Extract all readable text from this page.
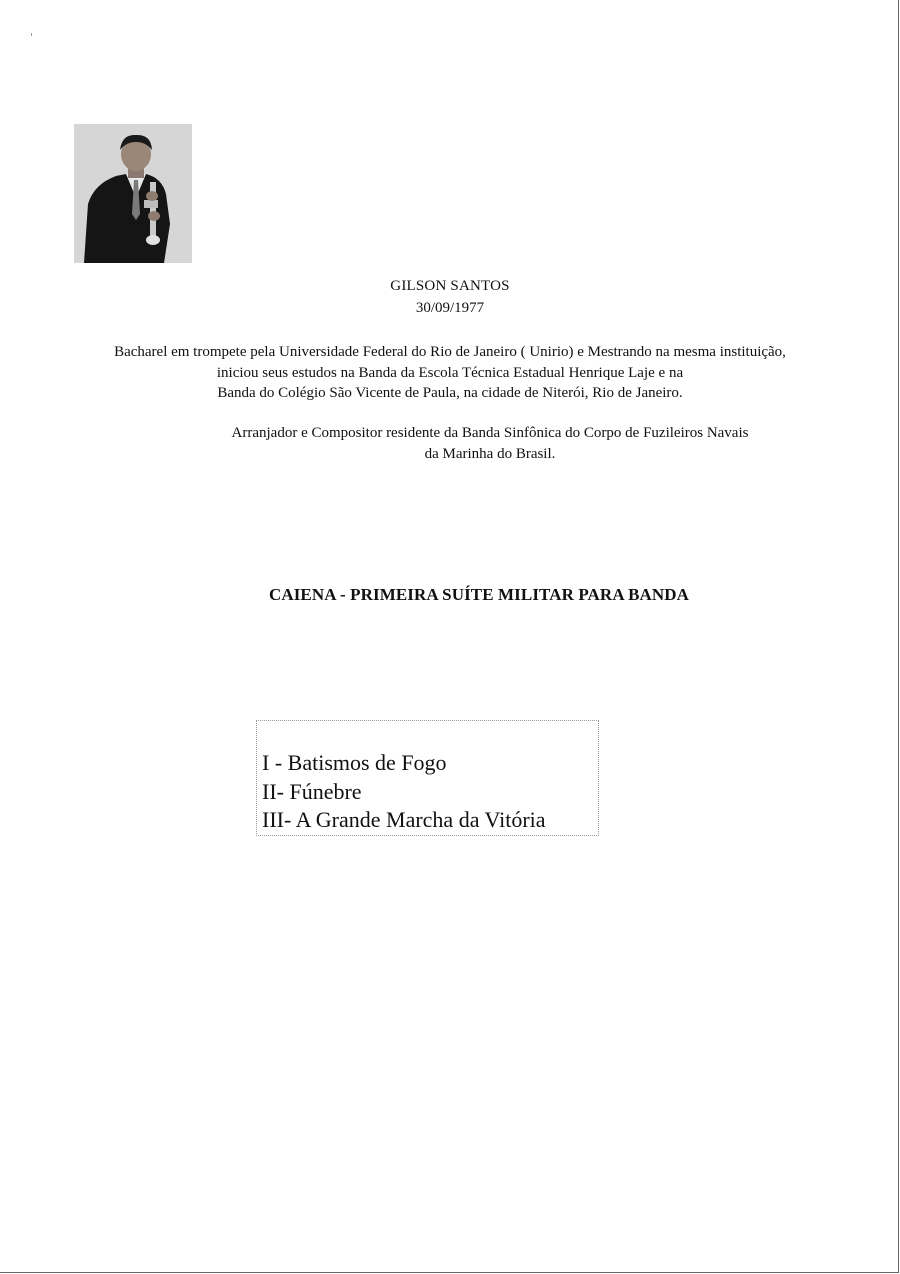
GILSON SANTOS
30/09/1977
Bacharel em trompete pela Universidade Federal do Rio de Janeiro ( Unirio) e Mestrando na mesma instituição,
iniciou seus estudos na Banda da Escola Técnica Estadual Henrique Laje e na
Banda do Colégio São Vicente de Paula, na cidade de Niterói, Rio de Janeiro.
Arranjador e Compositor residente da Banda Sinfônica do Corpo de Fuzileiros Navais
da Marinha do Brasil.
CAIENA - PRIMEIRA SUÍTE MILITAR PARA BANDA
I - Batismos de Fogo
II- Fúnebre
III- A Grande Marcha da Vitória
